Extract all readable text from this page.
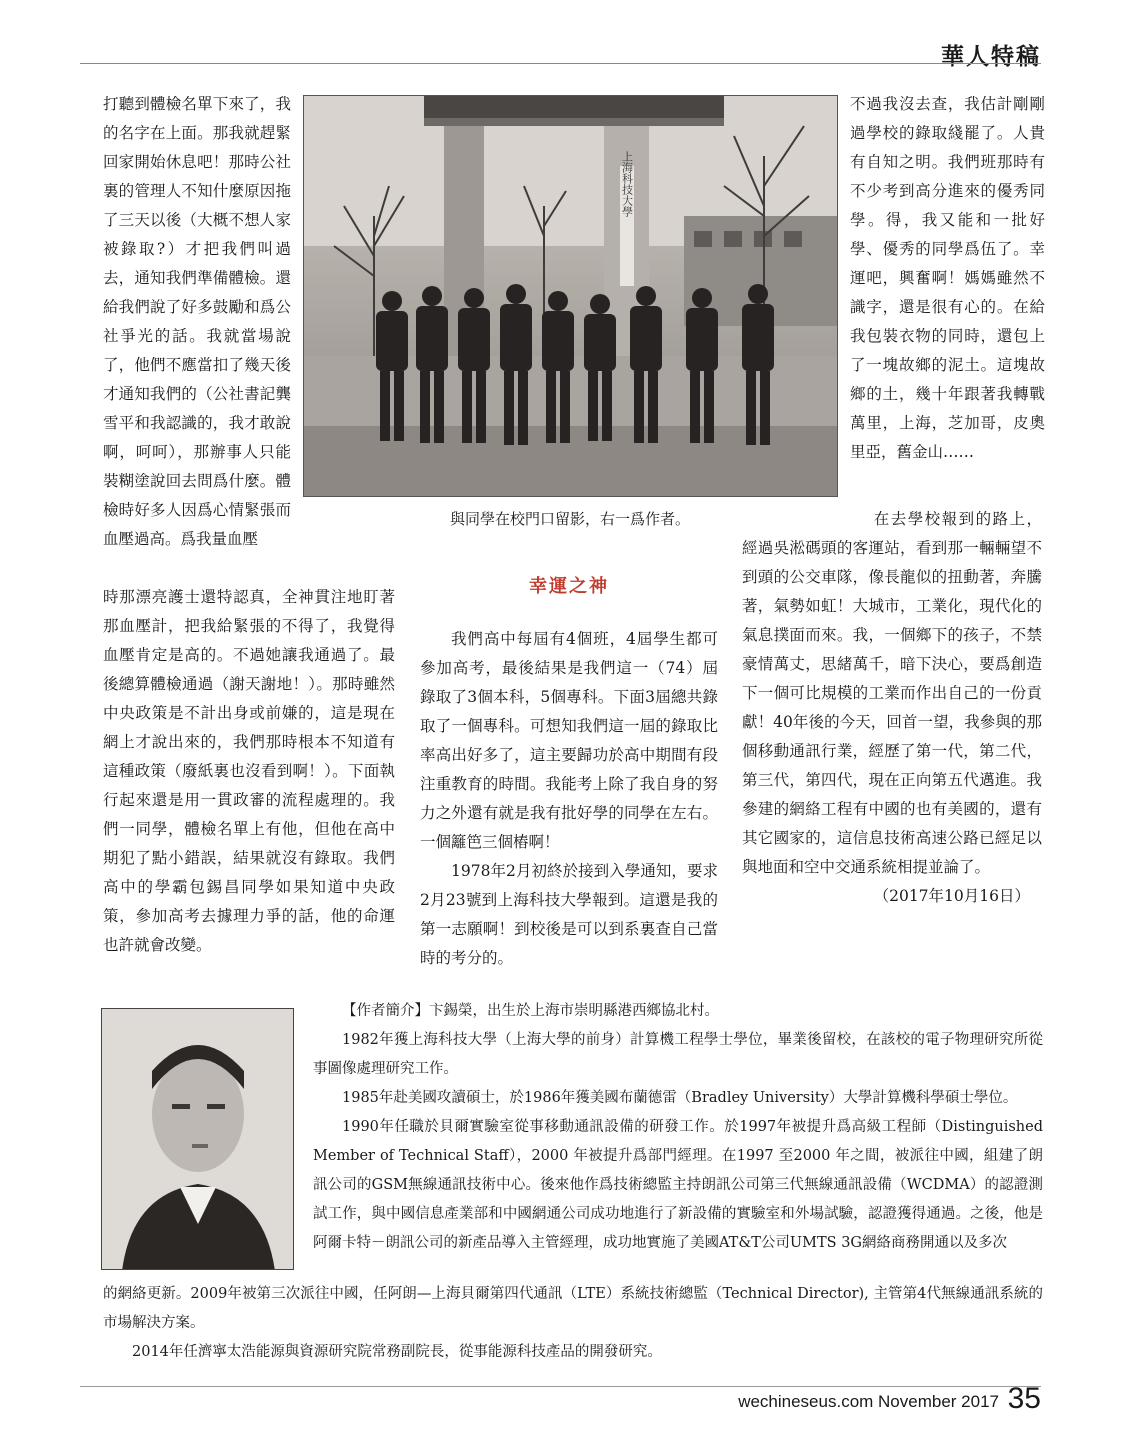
華人特稿
打聽到體檢名單下來了，我的名字在上面。那我就趕緊回家開始休息吧！那時公社裏的管理人不知什麼原因拖了三天以後（大概不想人家被錄取?）才把我們叫過去，通知我們準備體檢。還給我們說了好多鼓勵和爲公社爭光的話。我就當場說了，他們不應當扣了幾天後才通知我們的（公社書記龔雪平和我認識的，我才敢說啊，呵呵），那辦事人只能裝糊塗說回去問爲什麼。體檢時好多人因爲心情緊張而血壓過高。爲我量血壓
上海科技大學
與同學在校門口留影，右一爲作者。
時那漂亮護士還特認真，全神貫注地盯著那血壓計，把我給緊張的不得了，我覺得血壓肯定是高的。不過她讓我通過了。最後總算體檢通過（謝天謝地！）。那時雖然中央政策是不計出身或前嫌的，這是現在網上才說出來的，我們那時根本不知道有這種政策（廢紙裏也沒看到啊！）。下面執行起來還是用一貫政審的流程處理的。我們一同學，體檢名單上有他，但他在高中期犯了點小錯誤，結果就沒有錄取。我們高中的學霸包錫昌同學如果知道中央政策，參加高考去據理力爭的話，他的命運也許就會改變。
幸運之神

我們高中每屆有4個班，4屆學生都可參加高考，最後結果是我們這一（74）屆錄取了3個本科，5個專科。下面3屆總共錄取了一個專科。可想知我們這一屆的錄取比率高出好多了，這主要歸功於高中期間有段注重教育的時間。我能考上除了我自身的努力之外還有就是我有批好學的同學在左右。一個籬笆三個樁啊！

1978年2月初終於接到入學通知，要求2月23號到上海科技大學報到。這還是我的第一志願啊！到校後是可以到系裏查自己當時的考分的。

不過我沒去查，我估計剛剛過學校的錄取綫罷了。人貴有自知之明。我們班那時有不少考到高分進來的優秀同學。得，我又能和一批好學、優秀的同學爲伍了。幸運吧，興奮啊！媽媽雖然不識字，還是很有心的。在給我包裝衣物的同時，還包上了一塊故鄉的泥土。這塊故鄉的土，幾十年跟著我轉戰萬里，上海，芝加哥，皮奧里亞，舊金山……

在去學校報到的路上，經過吳淞碼頭的客運站，看到那一輛輛望不到頭的公交車隊，像長龍似的扭動著，奔騰著，氣勢如虹！大城市，工業化，現代化的氣息撲面而來。我，一個鄉下的孩子，不禁豪情萬丈，思緒萬千，暗下決心，要爲創造下一個可比規模的工業而作出自己的一份貢獻！40年後的今天，回首一望，我參與的那個移動通訊行業，經歷了第一代，第二代，第三代，第四代，現在正向第五代邁進。我參建的網絡工程有中國的也有美國的，還有其它國家的，這信息技術高速公路已經足以與地面和空中交通系統相提並論了。

（2017年10月16日）

【作者簡介】卞錫榮，出生於上海市崇明縣港西鄉協北村。

1982年獲上海科技大學（上海大學的前身）計算機工程學士學位，畢業後留校，在該校的電子物理研究所從事圖像處理研究工作。

1985年赴美國攻讀碩士，於1986年獲美國布蘭德雷（Bradley University）大學計算機科學碩士學位。

1990年任職於貝爾實驗室從事移動通訊設備的研發工作。於1997年被提升爲高級工程師（Distinguished Member of Technical Staff），2000 年被提升爲部門經理。在1997 至2000 年之間，被派往中國，組建了朗訊公司的GSM無線通訊技術中心。後來他作爲技術總監主持朗訊公司第三代無線通訊設備（WCDMA）的認證測試工作，與中國信息產業部和中國網通公司成功地進行了新設備的實驗室和外場試驗，認證獲得通過。之後，他是阿爾卡特－朗訊公司的新產品導入主管經理，成功地實施了美國AT&T公司UMTS 3G網絡商務開通以及多次

的網絡更新。2009年被第三次派往中國，任阿朗—上海貝爾第四代通訊（LTE）系統技術總監（Technical Director), 主管第4代無線通訊系統的市場解決方案。

2014年任濟寧太浩能源與資源研究院常務副院長，從事能源科技產品的開發研究。

wechineseus.com November 2017 35
